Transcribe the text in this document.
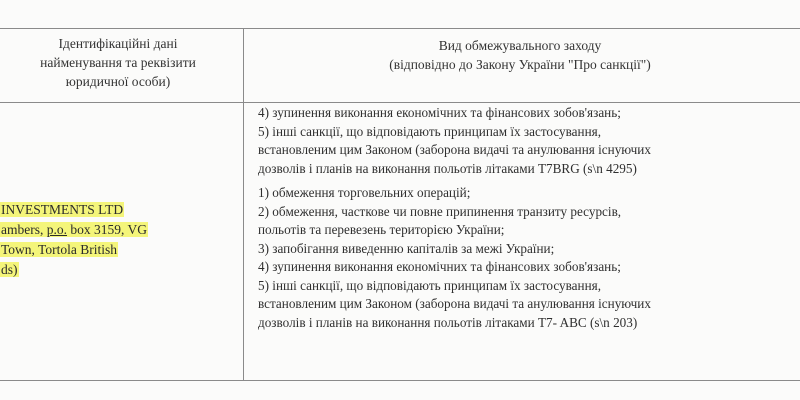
Ідентифікаційні дані
найменування та реквізити
юридичної особи)
Вид обмежувального заходу
(відповідно до Закону України "Про санкції")
INVESTMENTS LTD
ambers, p.o. box 3159, VG
Town, Tortola British
ds)
4) зупинення виконання економічних та фінансових зобов'язань;
5) інші санкції, що відповідають принципам їх застосування,
встановленим цим Законом (заборона видачі та анулювання існуючих
дозволів і планів на виконання польотів літаками T7BRG (s\n 4295)
1) обмеження торговельних операцій;
2) обмеження, часткове чи повне припинення транзиту ресурсів,
польотів та перевезень територією України;
3) запобігання виведенню капіталів за межі України;
4) зупинення виконання економічних та фінансових зобов'язань;
5) інші санкції, що відповідають принципам їх застосування,
встановленим цим Законом (заборона видачі та анулювання існуючих
дозволів і планів на виконання польотів літаками T7- ABC (s\n 203)
